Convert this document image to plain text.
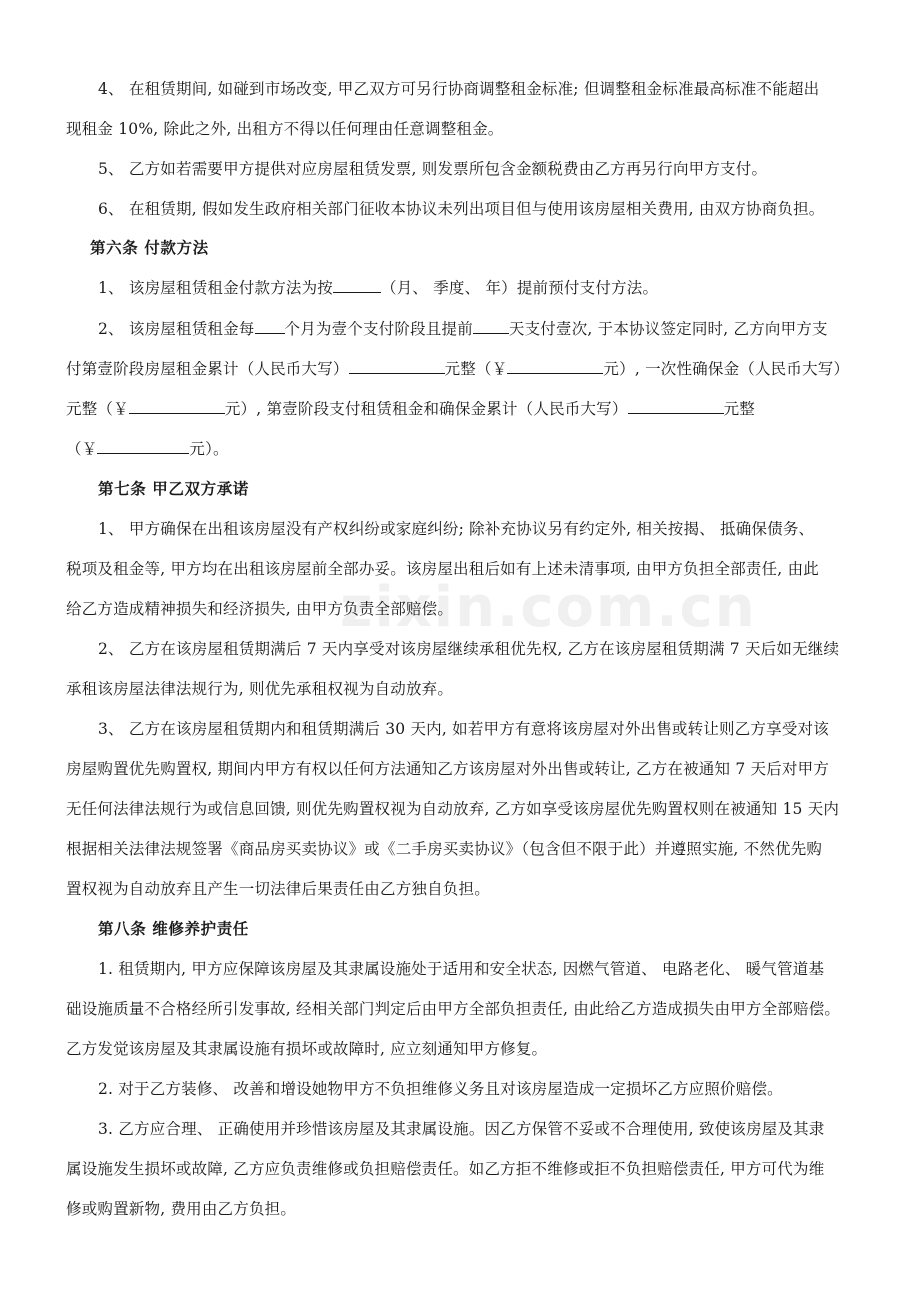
zixin.com.cn
4、 在租赁期间, 如碰到市场改变, 甲乙双方可另行协商调整租金标准; 但调整租金标准最高标准不能超出
现租金 10%, 除此之外, 出租方不得以任何理由任意调整租金。
5、 乙方如若需要甲方提供对应房屋租赁发票, 则发票所包含金额税费由乙方再另行向甲方支付。
6、 在租赁期, 假如发生政府相关部门征收本协议未列出项目但与使用该房屋相关费用, 由双方协商负担。
第六条 付款方法
1、 该房屋租赁租金付款方法为按	（月、 季度、 年）提前预付支付方法。
2、 该房屋租赁租金每 个月为壹个支付阶段且提前 天支付壹次, 于本协议签定同时, 乙方向甲方支
付第壹阶段房屋租金累计（人民币大写）	元整（￥	元）, 一次性确保金（人民币大写）
元整（￥	元）, 第壹阶段支付租赁租金和确保金累计（人民币大写）	元整
（￥	元）。
第七条 甲乙双方承诺
1、 甲方确保在出租该房屋没有产权纠纷或家庭纠纷; 除补充协议另有约定外, 相关按揭、 抵确保债务、
税项及租金等, 甲方均在出租该房屋前全部办妥。该房屋出租后如有上述未清事项, 由甲方负担全部责任, 由此
给乙方造成精神损失和经济损失, 由甲方负责全部赔偿。
2、 乙方在该房屋租赁期满后 7 天内享受对该房屋继续承租优先权, 乙方在该房屋租赁期满 7 天后如无继续
承租该房屋法律法规行为, 则优先承租权视为自动放弃。
3、 乙方在该房屋租赁期内和租赁期满后 30 天内, 如若甲方有意将该房屋对外出售或转让则乙方享受对该
房屋购置优先购置权, 期间内甲方有权以任何方法通知乙方该房屋对外出售或转让, 乙方在被通知 7 天后对甲方
无任何法律法规行为或信息回馈, 则优先购置权视为自动放弃, 乙方如享受该房屋优先购置权则在被通知 15 天内
根据相关法律法规签署《商品房买卖协议》或《二手房买卖协议》（包含但不限于此）并遵照实施, 不然优先购
置权视为自动放弃且产生一切法律后果责任由乙方独自负担。
第八条 维修养护责任
1. 租赁期内, 甲方应保障该房屋及其隶属设施处于适用和安全状态, 因燃气管道、 电路老化、 暖气管道基
础设施质量不合格经所引发事故, 经相关部门判定后由甲方全部负担责任, 由此给乙方造成损失由甲方全部赔偿。
乙方发觉该房屋及其隶属设施有损坏或故障时, 应立刻通知甲方修复。
2. 对于乙方装修、 改善和增设她物甲方不负担维修义务且对该房屋造成一定损坏乙方应照价赔偿。
3. 乙方应合理、 正确使用并珍惜该房屋及其隶属设施。因乙方保管不妥或不合理使用, 致使该房屋及其隶
属设施发生损坏或故障, 乙方应负责维修或负担赔偿责任。如乙方拒不维修或拒不负担赔偿责任, 甲方可代为维
修或购置新物, 费用由乙方负担。
